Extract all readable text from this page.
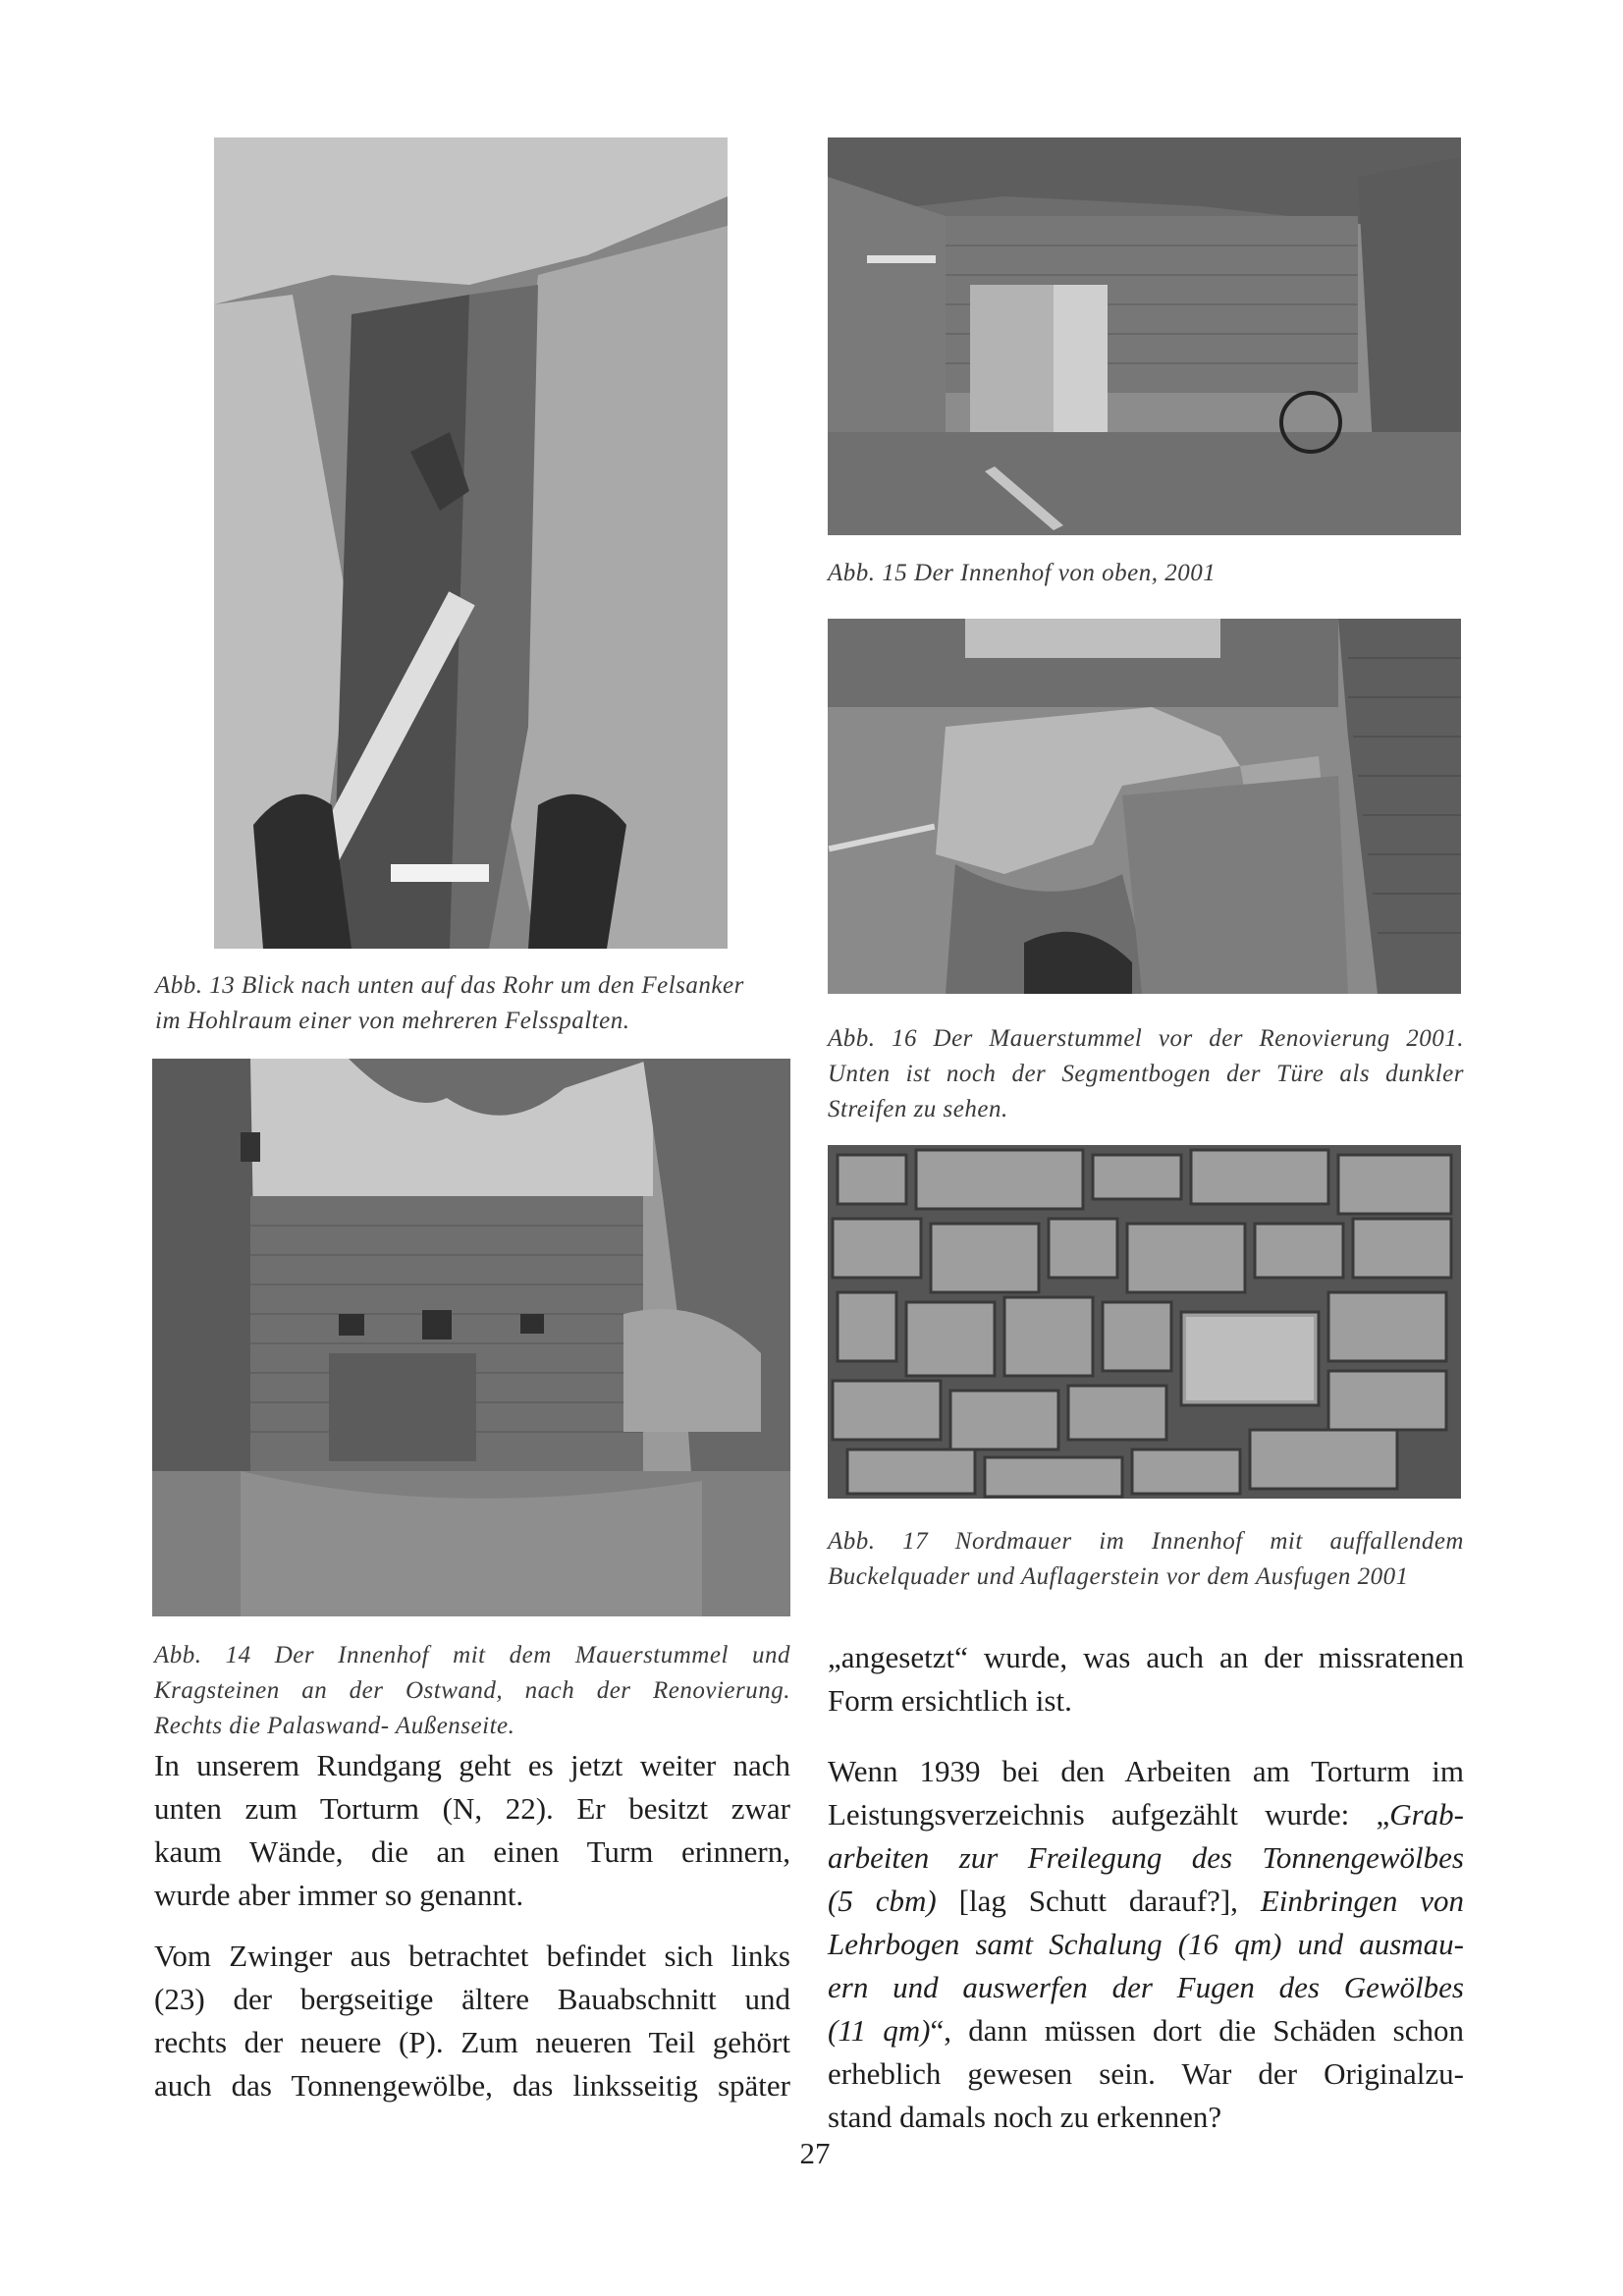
Abb. 13 Blick nach unten auf das Rohr um den Felsanker
im Hohlraum einer von mehreren Felsspalten.
Abb. 14 Der Innenhof mit dem Mauerstummel und
Kragsteinen an der Ostwand, nach der Renovierung.
Rechts die Palaswand- Außenseite.
Abb. 15 Der Innenhof von oben, 2001
Abb. 16 Der Mauerstummel vor der Renovierung 2001.
Unten ist noch der Segmentbogen der Türe als dunkler
Streifen zu sehen.
Abb. 17 Nordmauer im Innenhof mit auffallendem
Buckelquader und Auflagerstein vor dem Ausfugen 2001
In unserem Rundgang geht es jetzt weiter nach
unten zum Torturm (N, 22). Er besitzt zwar
kaum Wände, die an einen Turm erinnern,
wurde aber immer so genannt.
Vom Zwinger aus betrachtet befindet sich links
(23) der bergseitige ältere Bauabschnitt und
rechts der neuere (P). Zum neueren Teil gehört
auch das Tonnengewölbe, das linksseitig später
„angesetzt“ wurde, was auch an der missratenen
Form ersichtlich ist.
Wenn 1939 bei den Arbeiten am Torturm im
Leistungsverzeichnis aufgezählt wurde: „Grab-
arbeiten zur Freilegung des Tonnengewölbes
(5 cbm) [lag Schutt darauf?], Einbringen von
Lehrbogen samt Schalung (16 qm) und ausmau-
ern und auswerfen der Fugen des Gewölbes
(11 qm)“, dann müssen dort die Schäden schon
erheblich gewesen sein. War der Originalzu-
stand damals noch zu erkennen?
27
